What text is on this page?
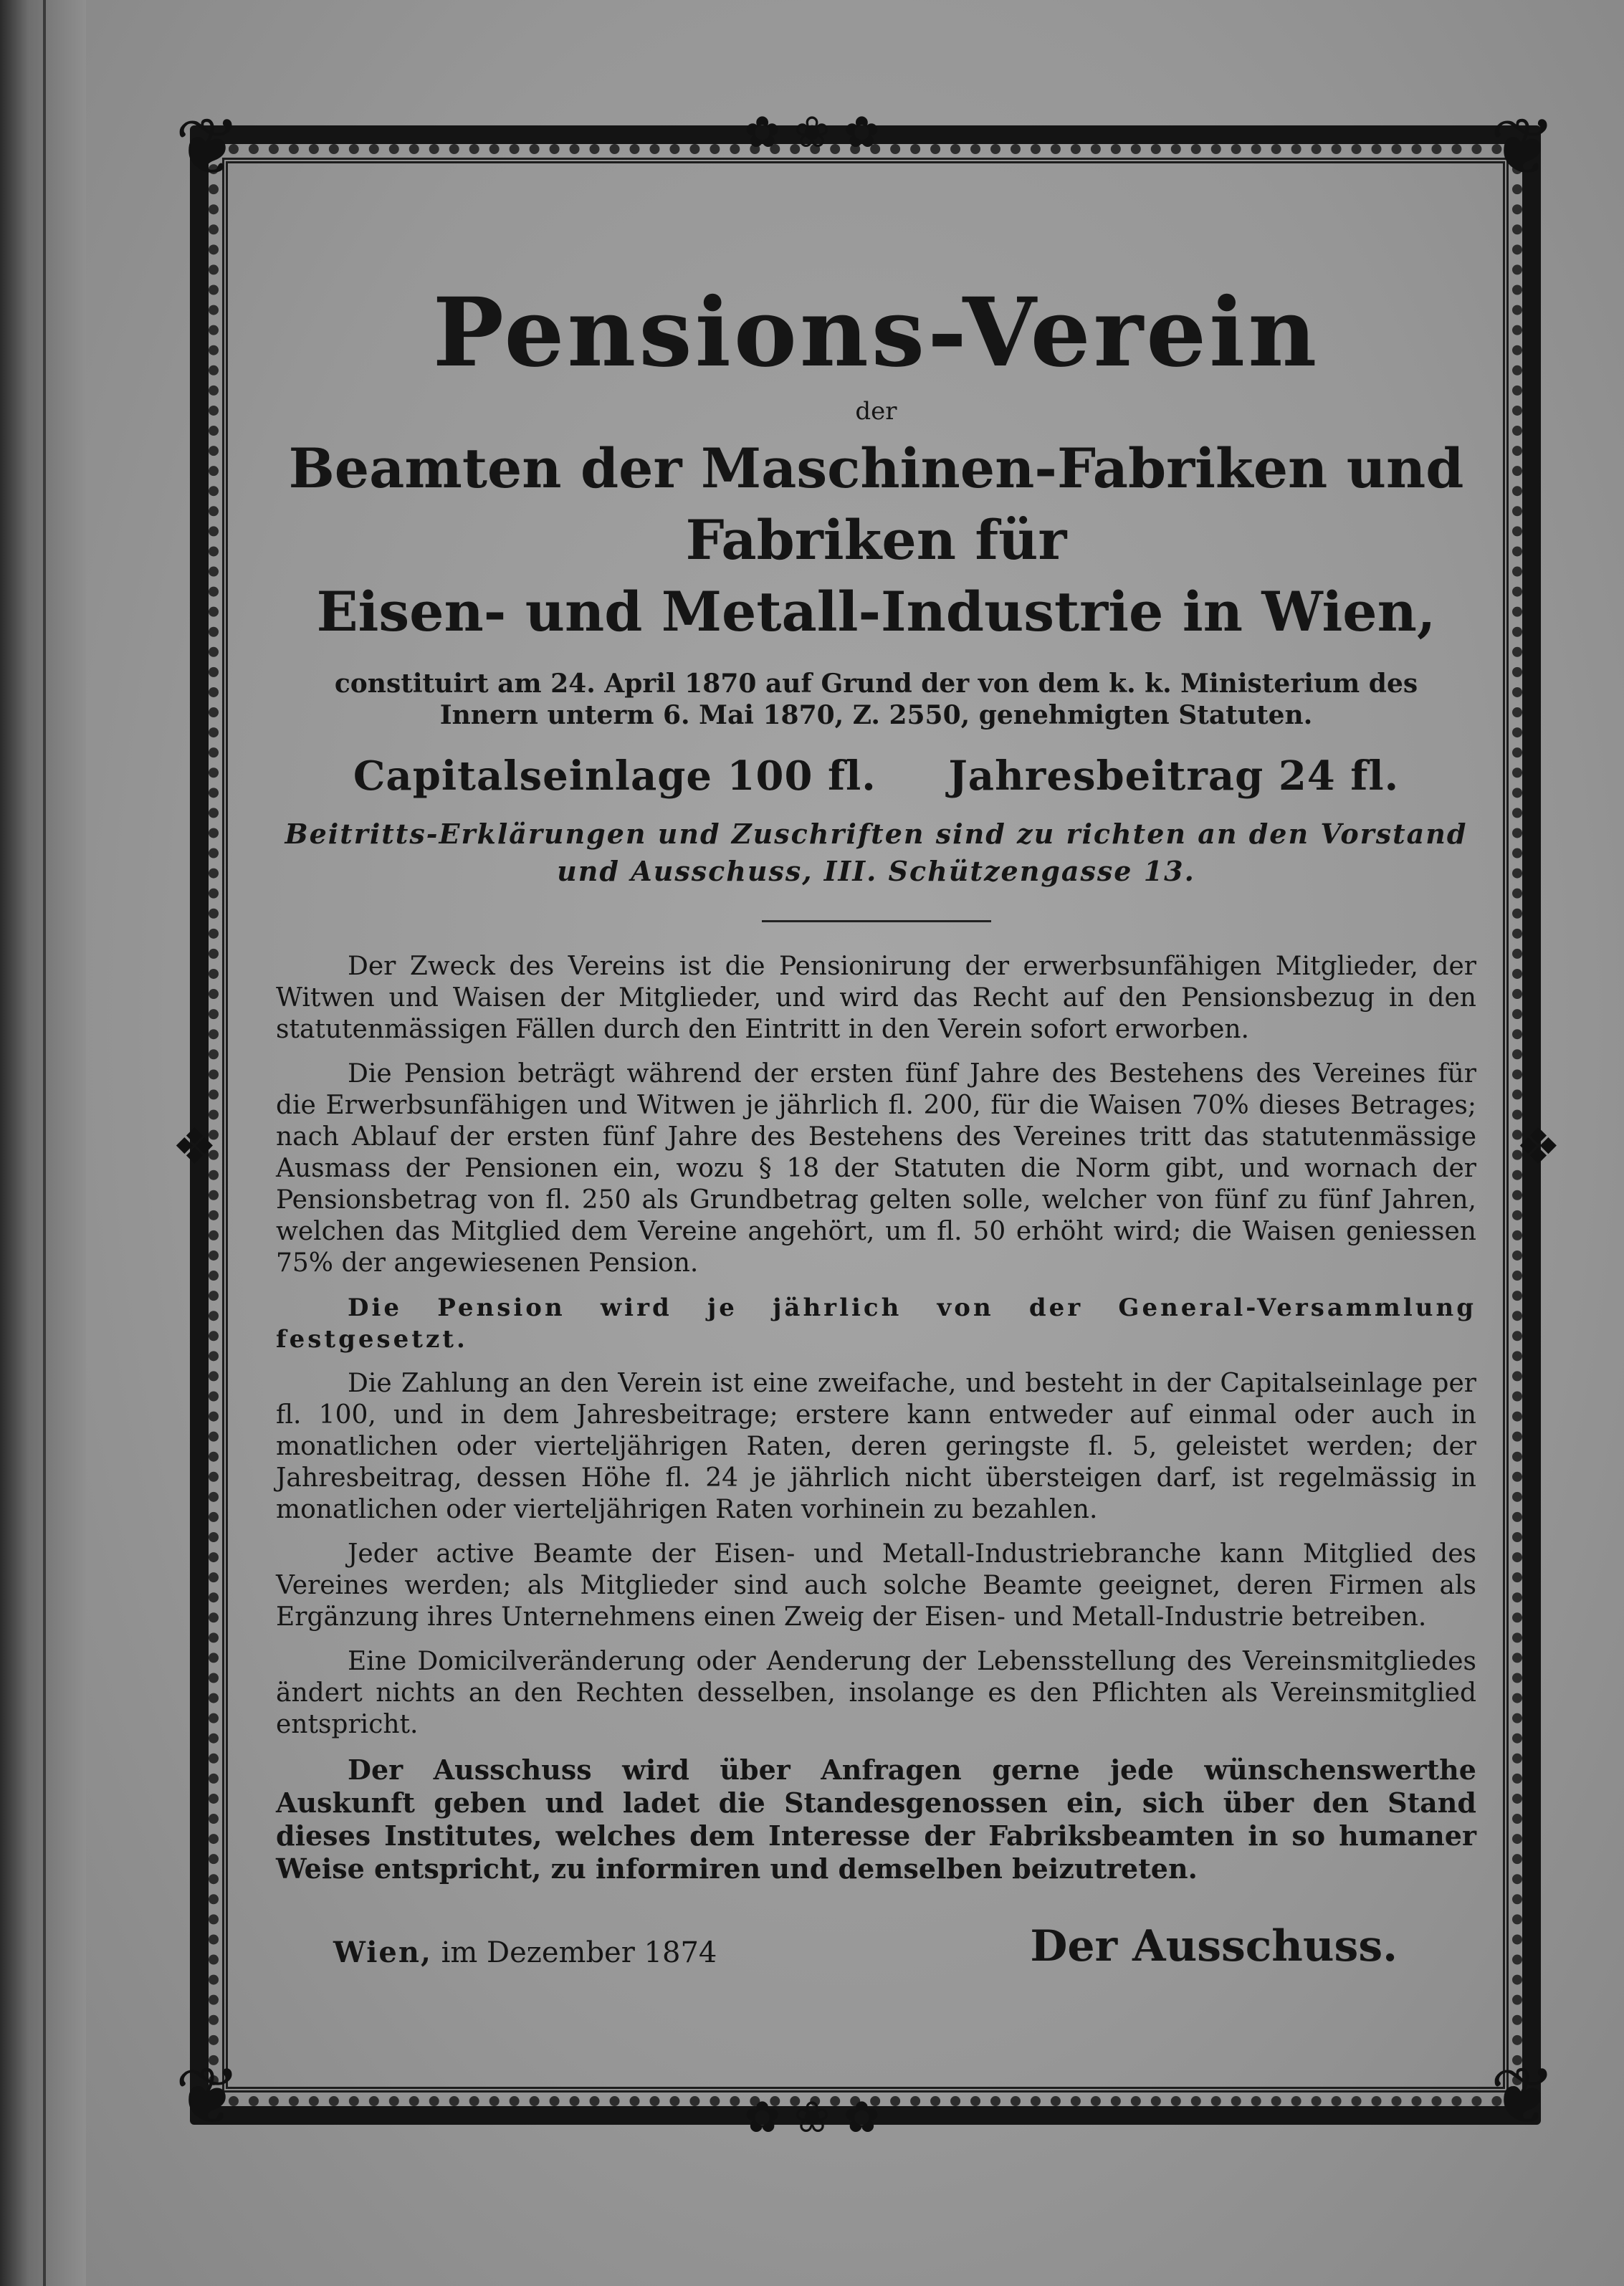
❦	❦
❦	❦
✿ ❀ ✿
✿ ❀ ✿
❖	❖
Pensions-Verein
der
Beamten der Maschinen-Fabriken und Fabriken für
Eisen- und Metall-Industrie in Wien,
constituirt am 24. April 1870 auf Grund der von dem k. k. Ministerium des Innern unterm 6. Mai 1870, Z. 2550, genehmigten Statuten.
Capitalseinlage 100 fl. Jahresbeitrag 24 fl.
Beitritts-Erklärungen und Zuschriften sind zu richten an den Vorstand und Ausschuss, III. Schützengasse 13.

Der Zweck des Vereins ist die Pensionirung der erwerbsunfähigen Mitglieder, der Witwen und Waisen der Mitglieder, und wird das Recht auf den Pensionsbezug in den statutenmässigen Fällen durch den Eintritt in den Verein sofort erworben.

Die Pension beträgt während der ersten fünf Jahre des Bestehens des Vereines für die Erwerbsunfähigen und Witwen je jährlich fl. 200, für die Waisen 70% dieses Betrages; nach Ablauf der ersten fünf Jahre des Bestehens des Vereines tritt das statutenmässige Ausmass der Pensionen ein, wozu § 18 der Statuten die Norm gibt, und wornach der Pensionsbetrag von fl. 250 als Grundbetrag gelten solle, welcher von fünf zu fünf Jahren, welchen das Mitglied dem Vereine angehört, um fl. 50 erhöht wird; die Waisen geniessen 75% der angewiesenen Pension.

Die Pension wird je jährlich von der General-Versammlung festgesetzt.

Die Zahlung an den Verein ist eine zweifache, und besteht in der Capitalseinlage per fl. 100, und in dem Jahresbeitrage; erstere kann entweder auf einmal oder auch in monatlichen oder vierteljährigen Raten, deren geringste fl. 5, geleistet werden; der Jahresbeitrag, dessen Höhe fl. 24 je jährlich nicht übersteigen darf, ist regelmässig in monatlichen oder vierteljährigen Raten vorhinein zu bezahlen.

Jeder active Beamte der Eisen- und Metall-Industriebranche kann Mitglied des Vereines werden; als Mitglieder sind auch solche Beamte geeignet, deren Firmen als Ergänzung ihres Unternehmens einen Zweig der Eisen- und Metall-Industrie betreiben.

Eine Domicilveränderung oder Aenderung der Lebensstellung des Vereinsmitgliedes ändert nichts an den Rechten desselben, insolange es den Pflichten als Vereinsmitglied entspricht.

Der Ausschuss wird über Anfragen gerne jede wünschenswerthe Auskunft geben und ladet die Standesgenossen ein, sich über den Stand dieses Institutes, welches dem Interesse der Fabriksbeamten in so humaner Weise entspricht, zu informiren und demselben beizutreten.

Wien, im Dezember 1874	Der Ausschuss.
